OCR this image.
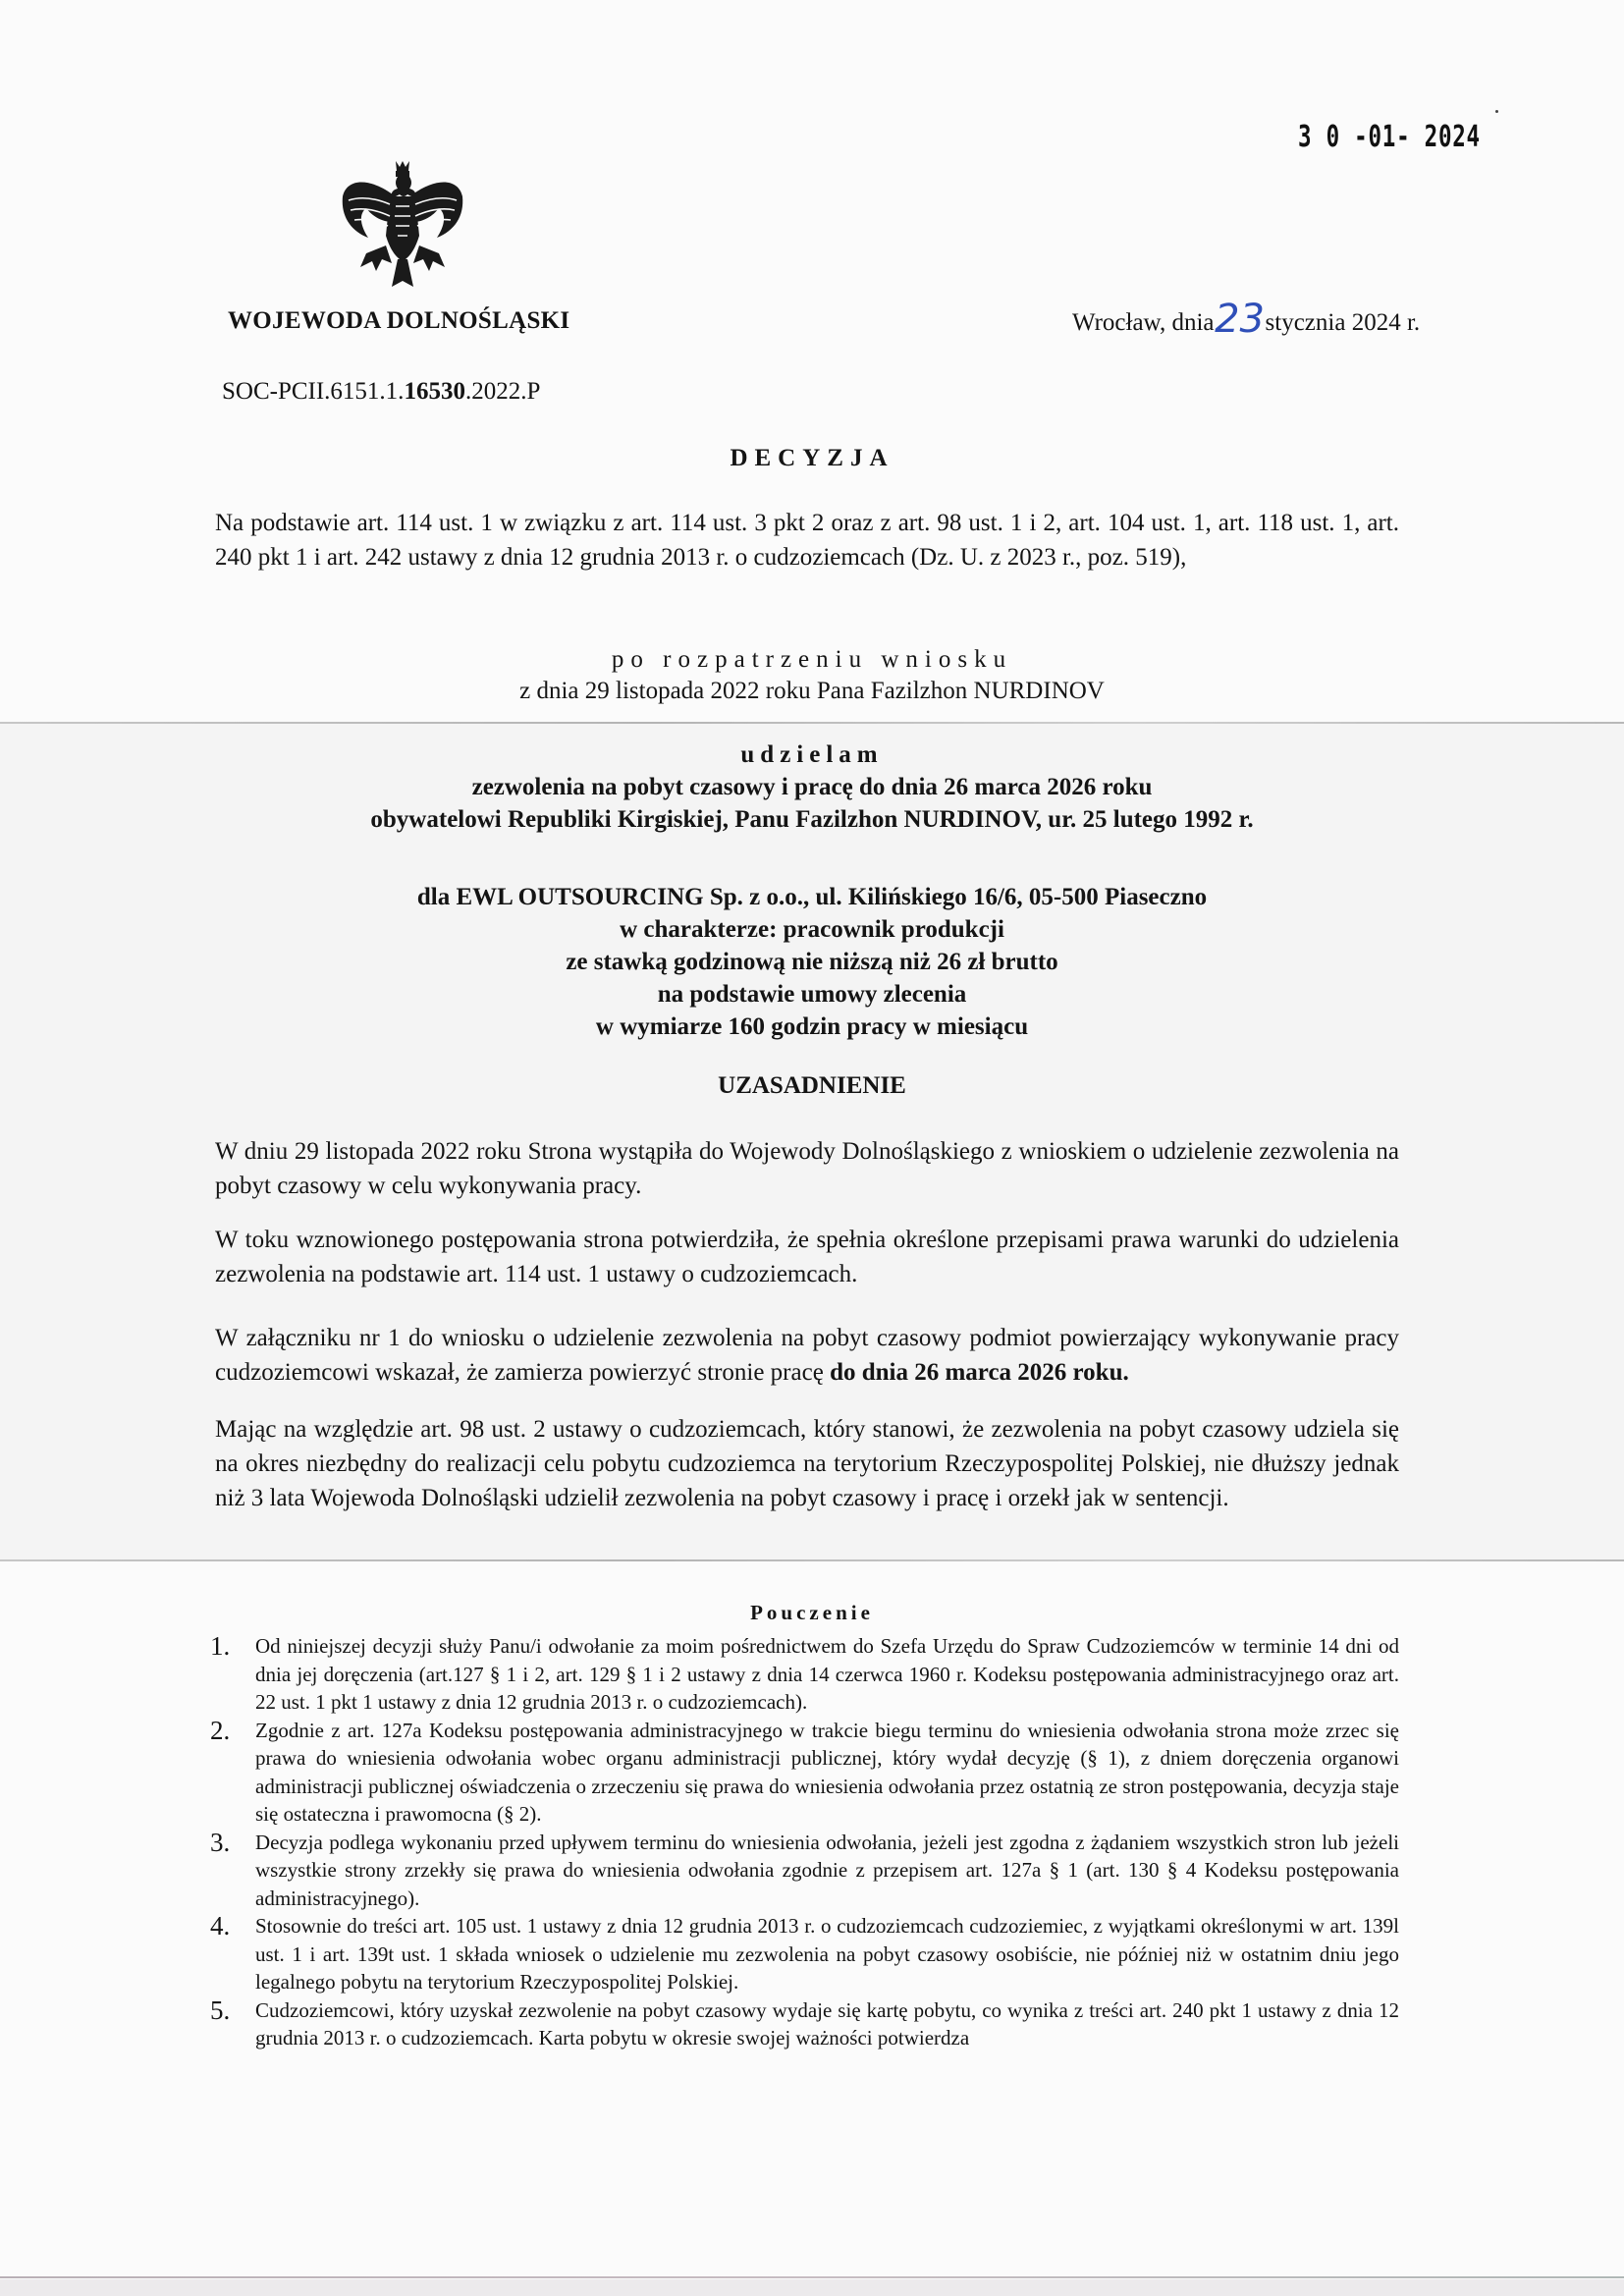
3 0 -01- 2024
WOJEWODA DOLNOŚLĄSKI	Wrocław, dnia23stycznia 2024 r.
SOC-PCII.6151.1.16530.2022.P
DECYZJA
Na podstawie art. 114 ust. 1 w związku z art. 114 ust. 3 pkt 2 oraz z art. 98 ust. 1 i 2, art. 104 ust. 1, art. 118 ust. 1, art. 240 pkt 1 i art. 242 ustawy z dnia 12 grudnia 2013 r. o cudzoziemcach (Dz. U. z 2023 r., poz. 519),
po rozpatrzeniu wniosku
z dnia 29 listopada 2022 roku Pana Fazilzhon NURDINOV
udzielam
zezwolenia na pobyt czasowy i pracę do dnia 26 marca 2026 roku
obywatelowi Republiki Kirgiskiej, Panu Fazilzhon NURDINOV, ur. 25 lutego 1992 r.
dla EWL OUTSOURCING Sp. z o.o., ul. Kilińskiego 16/6, 05-500 Piaseczno
w charakterze: pracownik produkcji
ze stawką godzinową nie niższą niż 26 zł brutto
na podstawie umowy zlecenia
w wymiarze 160 godzin pracy w miesiącu
UZASADNIENIE
W dniu 29 listopada 2022 roku Strona wystąpiła do Wojewody Dolnośląskiego z wnioskiem o udzielenie zezwolenia na pobyt czasowy w celu wykonywania pracy.
W toku wznowionego postępowania strona potwierdziła, że spełnia określone przepisami prawa warunki do udzielenia zezwolenia na podstawie art. 114 ust. 1 ustawy o cudzoziemcach.
W załączniku nr 1 do wniosku o udzielenie zezwolenia na pobyt czasowy podmiot powierzający wykonywanie pracy cudzoziemcowi wskazał, że zamierza powierzyć stronie pracę do dnia 26 marca 2026 roku.
Mając na względzie art. 98 ust. 2 ustawy o cudzoziemcach, który stanowi, że zezwolenia na pobyt czasowy udziela się na okres niezbędny do realizacji celu pobytu cudzoziemca na terytorium Rzeczypospolitej Polskiej, nie dłuższy jednak niż 3 lata Wojewoda Dolnośląski udzielił zezwolenia na pobyt czasowy i pracę i orzekł jak w sentencji.
Pouczenie
1. Od niniejszej decyzji służy Panu/i odwołanie za moim pośrednictwem do Szefa Urzędu do Spraw Cudzoziemców w terminie 14 dni od dnia jej doręczenia (art.127 § 1 i 2, art. 129 § 1 i 2 ustawy z dnia 14 czerwca 1960 r. Kodeksu postępowania administracyjnego oraz art. 22 ust. 1 pkt 1 ustawy z dnia 12 grudnia 2013 r. o cudzoziemcach).
2. Zgodnie z art. 127a Kodeksu postępowania administracyjnego w trakcie biegu terminu do wniesienia odwołania strona może zrzec się prawa do wniesienia odwołania wobec organu administracji publicznej, który wydał decyzję (§ 1), z dniem doręczenia organowi administracji publicznej oświadczenia o zrzeczeniu się prawa do wniesienia odwołania przez ostatnią ze stron postępowania, decyzja staje się ostateczna i prawomocna (§ 2).
3. Decyzja podlega wykonaniu przed upływem terminu do wniesienia odwołania, jeżeli jest zgodna z żądaniem wszystkich stron lub jeżeli wszystkie strony zrzekły się prawa do wniesienia odwołania zgodnie z przepisem art. 127a § 1 (art. 130 § 4 Kodeksu postępowania administracyjnego).
4. Stosownie do treści art. 105 ust. 1 ustawy z dnia 12 grudnia 2013 r. o cudzoziemcach cudzoziemiec, z wyjątkami określonymi w art. 139l ust. 1 i art. 139t ust. 1 składa wniosek o udzielenie mu zezwolenia na pobyt czasowy osobiście, nie później niż w ostatnim dniu jego legalnego pobytu na terytorium Rzeczypospolitej Polskiej.
5. Cudzoziemcowi, który uzyskał zezwolenie na pobyt czasowy wydaje się kartę pobytu, co wynika z treści art. 240 pkt 1 ustawy z dnia 12 grudnia 2013 r. o cudzoziemcach. Karta pobytu w okresie swojej ważności potwierdza
